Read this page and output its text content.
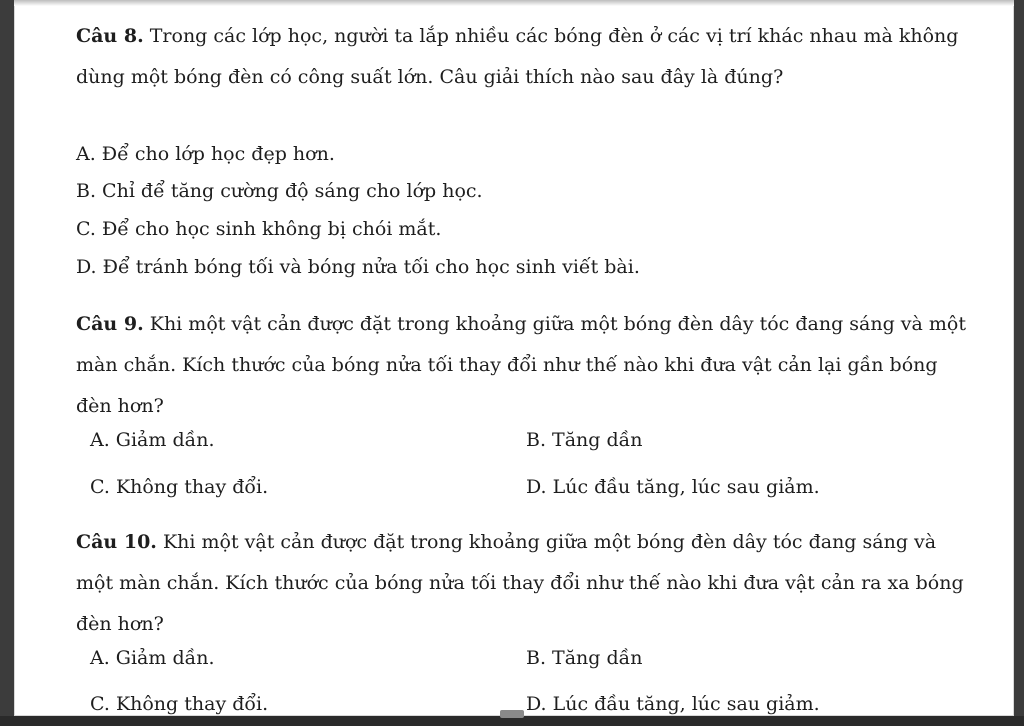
Câu 8. Trong các lớp học, người ta lắp nhiều các bóng đèn ở các vị trí khác nhau mà không dùng một bóng đèn có công suất lớn. Câu giải thích nào sau đây là đúng?

A. Để cho lớp học đẹp hơn.
B. Chỉ để tăng cường độ sáng cho lớp học.
C. Để cho học sinh không bị chói mắt.
D. Để tránh bóng tối và bóng nửa tối cho học sinh viết bài.

Câu 9. Khi một vật cản được đặt trong khoảng giữa một bóng đèn dây tóc đang sáng và một màn chắn. Kích thước của bóng nửa tối thay đổi như thế nào khi đưa vật cản lại gần bóng đèn hơn?

A. Giảm dần.	B. Tăng dần
C. Không thay đổi.	D. Lúc đầu tăng, lúc sau giảm.

Câu 10. Khi một vật cản được đặt trong khoảng giữa một bóng đèn dây tóc đang sáng và một màn chắn. Kích thước của bóng nửa tối thay đổi như thế nào khi đưa vật cản ra xa bóng đèn hơn?

A. Giảm dần.	B. Tăng dần
C. Không thay đổi.	D. Lúc đầu tăng, lúc sau giảm.
